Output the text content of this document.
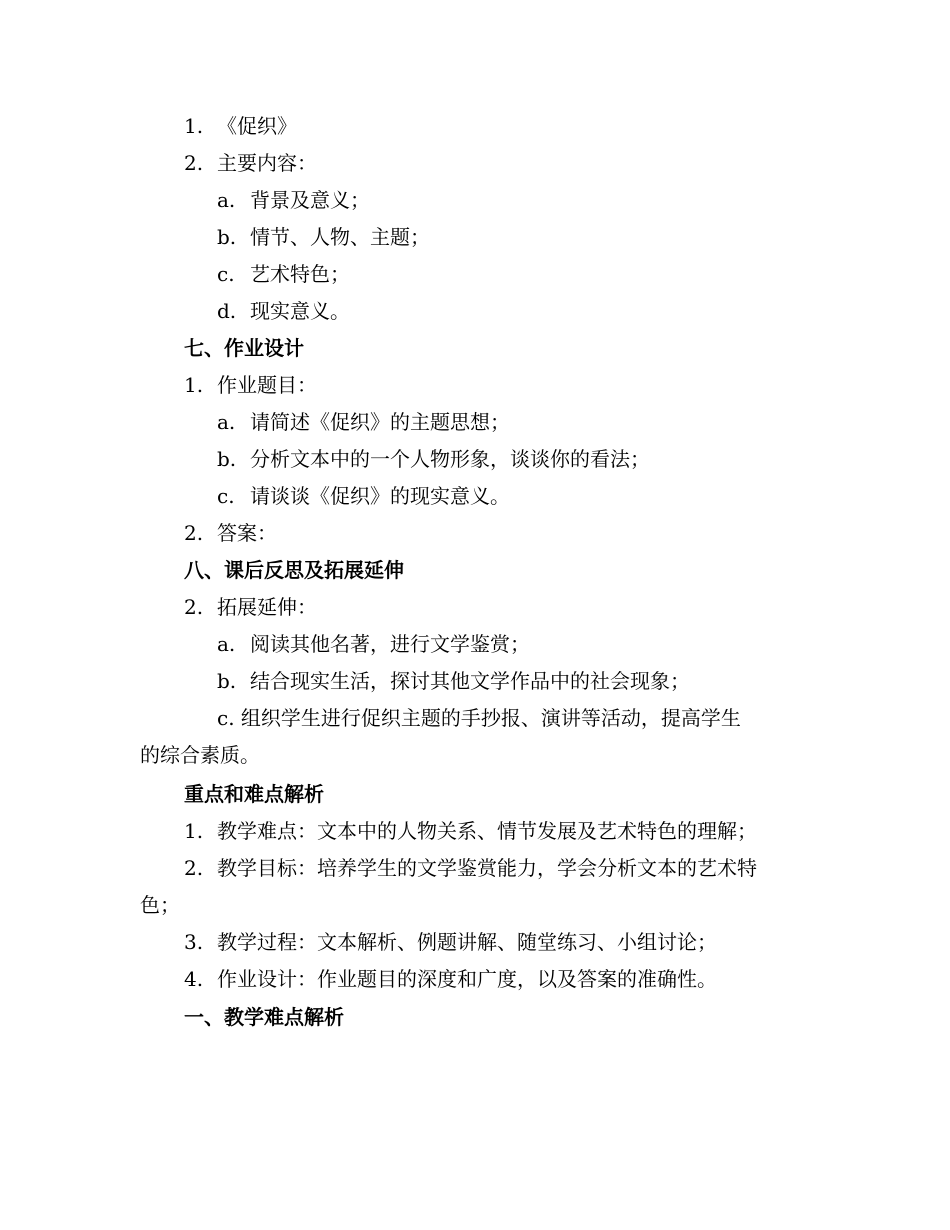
1. 《促织》
2. 主要内容：
a. 背景及意义；
b. 情节、人物、主题；
c. 艺术特色；
d. 现实意义。
七、作业设计
1. 作业题目：
a. 请简述《促织》的主题思想；
b. 分析文本中的一个人物形象，谈谈你的看法；
c. 请谈谈《促织》的现实意义。
2. 答案：
八、课后反思及拓展延伸
2. 拓展延伸：
a. 阅读其他名著，进行文学鉴赏；
b. 结合现实生活，探讨其他文学作品中的社会现象；
c. 组织学生进行促织主题的手抄报、演讲等活动，提高学生
的综合素质。
重点和难点解析
1. 教学难点：文本中的人物关系、情节发展及艺术特色的理解；
2. 教学目标：培养学生的文学鉴赏能力，学会分析文本的艺术特
色；
3. 教学过程：文本解析、例题讲解、随堂练习、小组讨论；
4. 作业设计：作业题目的深度和广度，以及答案的准确性。
一、教学难点解析
